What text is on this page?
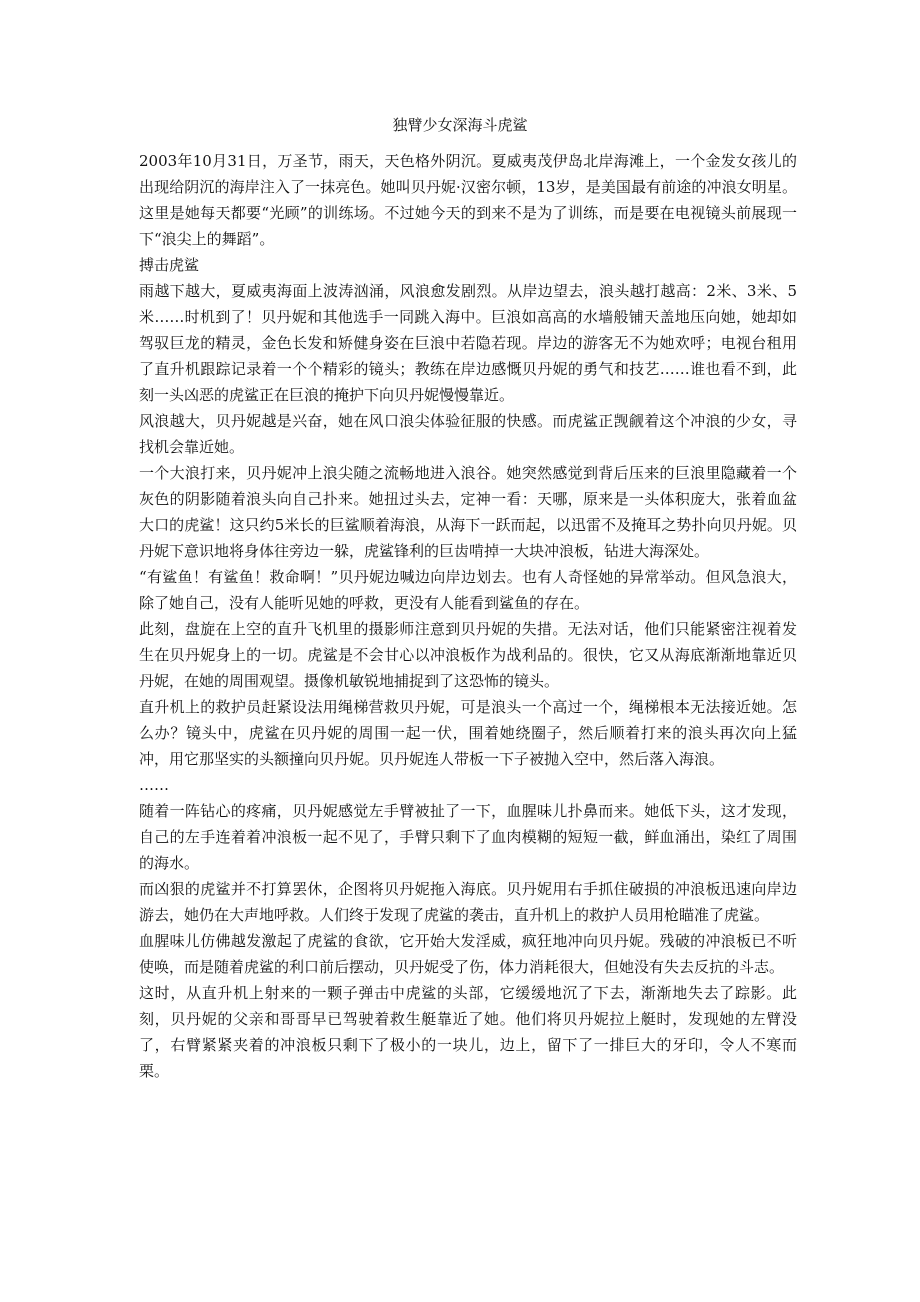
独臂少女深海斗虎鲨

2003年10月31日，万圣节，雨天，天色格外阴沉。夏威夷茂伊岛北岸海滩上，一个金发女孩儿的出现给阴沉的海岸注入了一抹亮色。她叫贝丹妮·汉密尔顿，13岁，是美国最有前途的冲浪女明星。这里是她每天都要“光顾”的训练场。不过她今天的到来不是为了训练，而是要在电视镜头前展现一下“浪尖上的舞蹈”。

搏击虎鲨

雨越下越大，夏威夷海面上波涛汹涌，风浪愈发剧烈。从岸边望去，浪头越打越高：2米、3米、5米……时机到了！贝丹妮和其他选手一同跳入海中。巨浪如高高的水墙般铺天盖地压向她，她却如驾驭巨龙的精灵，金色长发和矫健身姿在巨浪中若隐若现。岸边的游客无不为她欢呼；电视台租用了直升机跟踪记录着一个个精彩的镜头；教练在岸边感慨贝丹妮的勇气和技艺……谁也看不到，此刻一头凶恶的虎鲨正在巨浪的掩护下向贝丹妮慢慢靠近。

风浪越大，贝丹妮越是兴奋，她在风口浪尖体验征服的快感。而虎鲨正觊觎着这个冲浪的少女，寻找机会靠近她。

一个大浪打来，贝丹妮冲上浪尖随之流畅地进入浪谷。她突然感觉到背后压来的巨浪里隐藏着一个灰色的阴影随着浪头向自己扑来。她扭过头去，定神一看：天哪，原来是一头体积庞大，张着血盆大口的虎鲨！这只约5米长的巨鲨顺着海浪，从海下一跃而起，以迅雷不及掩耳之势扑向贝丹妮。贝丹妮下意识地将身体往旁边一躲，虎鲨锋利的巨齿啃掉一大块冲浪板，钻进大海深处。

“有鲨鱼！有鲨鱼！救命啊！”贝丹妮边喊边向岸边划去。也有人奇怪她的异常举动。但风急浪大，除了她自己，没有人能听见她的呼救，更没有人能看到鲨鱼的存在。

此刻，盘旋在上空的直升飞机里的摄影师注意到贝丹妮的失措。无法对话，他们只能紧密注视着发生在贝丹妮身上的一切。虎鲨是不会甘心以冲浪板作为战利品的。很快，它又从海底渐渐地靠近贝丹妮，在她的周围观望。摄像机敏锐地捕捉到了这恐怖的镜头。

直升机上的救护员赶紧设法用绳梯营救贝丹妮，可是浪头一个高过一个，绳梯根本无法接近她。怎么办？镜头中，虎鲨在贝丹妮的周围一起一伏，围着她绕圈子，然后顺着打来的浪头再次向上猛冲，用它那坚实的头额撞向贝丹妮。贝丹妮连人带板一下子被抛入空中，然后落入海浪。

……

随着一阵钻心的疼痛，贝丹妮感觉左手臂被扯了一下，血腥味儿扑鼻而来。她低下头，这才发现，自己的左手连着着冲浪板一起不见了，手臂只剩下了血肉模糊的短短一截，鲜血涌出，染红了周围的海水。

而凶狠的虎鲨并不打算罢休，企图将贝丹妮拖入海底。贝丹妮用右手抓住破损的冲浪板迅速向岸边游去，她仍在大声地呼救。人们终于发现了虎鲨的袭击，直升机上的救护人员用枪瞄准了虎鲨。

血腥味儿仿佛越发激起了虎鲨的食欲，它开始大发淫威，疯狂地冲向贝丹妮。残破的冲浪板已不听使唤，而是随着虎鲨的利口前后摆动，贝丹妮受了伤，体力消耗很大，但她没有失去反抗的斗志。

这时，从直升机上射来的一颗子弹击中虎鲨的头部，它缓缓地沉了下去，渐渐地失去了踪影。此刻，贝丹妮的父亲和哥哥早已驾驶着救生艇靠近了她。他们将贝丹妮拉上艇时，发现她的左臂没了，右臂紧紧夹着的冲浪板只剩下了极小的一块儿，边上，留下了一排巨大的牙印，令人不寒而栗。
